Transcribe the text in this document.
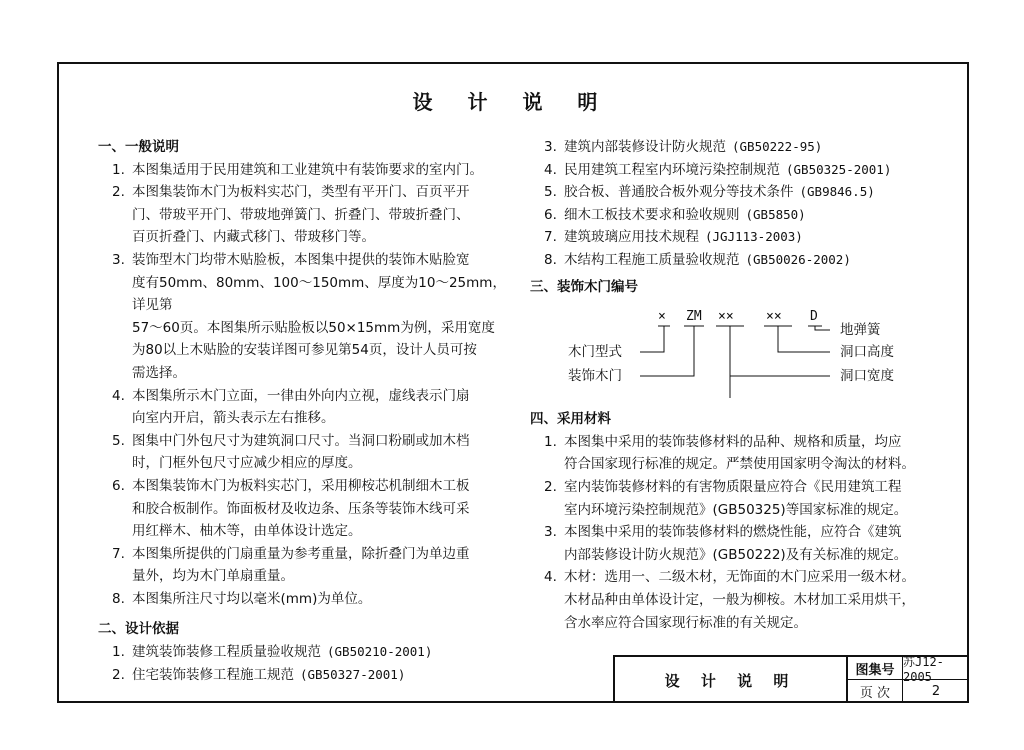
设 计 说 明
一、一般说明
1. 本图集适用于民用建筑和工业建筑中有装饰要求的室内门。
2. 本图集装饰木门为板料实芯门，类型有平开门、百页平开
门、带玻平开门、带玻地弹簧门、折叠门、带玻折叠门、
百页折叠门、内藏式移门、带玻移门等。
3. 装饰型木门均带木贴脸板，本图集中提供的装饰木贴脸宽
度有50mm、80mm、100～150mm、厚度为10～25mm，详见第
57～60页。本图集所示贴脸板以50×15mm为例，采用宽度
为80以上木贴脸的安装详图可参见第54页，设计人员可按
需选择。
4. 本图集所示木门立面，一律由外向内立视，虚线表示门扇
向室内开启，箭头表示左右推移。
5. 图集中门外包尺寸为建筑洞口尺寸。当洞口粉刷或加木档
时，门框外包尺寸应减少相应的厚度。
6. 本图集装饰木门为板料实芯门，采用柳桉芯机制细木工板
和胶合板制作。饰面板材及收边条、压条等装饰木线可采
用红榉木、柚木等，由单体设计选定。
7. 本图集所提供的门扇重量为参考重量，除折叠门为单边重
量外，均为木门单扇重量。
8. 本图集所注尺寸均以毫米(mm)为单位。
二、设计依据
1. 建筑装饰装修工程质量验收规范 (GB50210-2001)
2. 住宅装饰装修工程施工规范 (GB50327-2001)
3. 建筑内部装修设计防火规范 (GB50222-95)
4. 民用建筑工程室内环境污染控制规范 (GB50325-2001)
5. 胶合板、普通胶合板外观分等技术条件 (GB9846.5)
6. 细木工板技术要求和验收规则 (GB5850)
7. 建筑玻璃应用技术规程 (JGJ113-2003)
8. 木结构工程施工质量验收规范 (GB50026-2002)
三、装饰木门编号
× ZM ×× ×× D
木门型式
装饰木门
地弹簧
洞口高度
洞口宽度
四、采用材料
1. 本图集中采用的装饰装修材料的品种、规格和质量，均应
符合国家现行标准的规定。严禁使用国家明令淘汰的材料。
2. 室内装饰装修材料的有害物质限量应符合《民用建筑工程
室内环境污染控制规范》(GB50325)等国家标准的规定。
3. 本图集中采用的装饰装修材料的燃烧性能，应符合《建筑
内部装修设计防火规范》(GB50222)及有关标准的规定。
4. 木材：选用一、二级木材，无饰面的木门应采用一级木材。
木材品种由单体设计定，一般为柳桉。木材加工采用烘干，
含水率应符合国家现行标准的有关规定。
设 计 说 明
图集号
苏J12-2005
页 次	2
